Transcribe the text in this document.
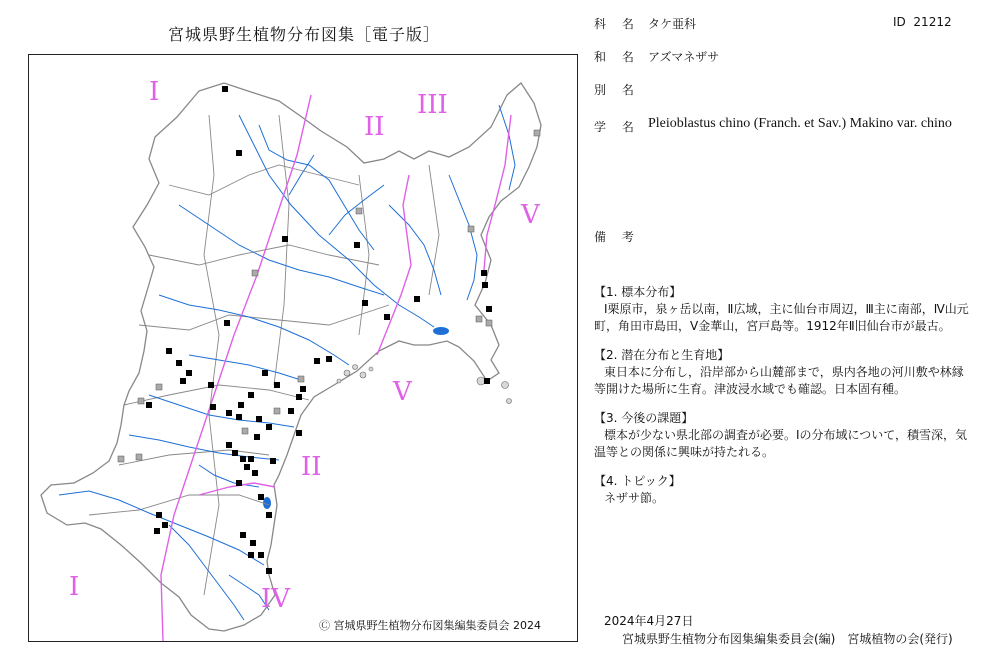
宮城県野生植物分布図集［電子版］
I
II
III
V
V
II
I	IV
Ⓒ 宮城県野生植物分布図集編集委員会 2024
科 名 タケ亜科	ID 21212
和 名 アズマネザサ
別 名
学 名 Pleioblastus chino (Franch. et Sav.) Makino var. chino
備 考
【1. 標本分布】
Ⅰ栗原市，泉ヶ岳以南，Ⅱ広域，主に仙台市周辺，Ⅲ主に南部，Ⅳ山元町，角田市島田，Ⅴ金華山，宮戸島等。1912年Ⅱ旧仙台市が最古。
【2. 潜在分布と生育地】
東日本に分布し，沿岸部から山麓部まで，県内各地の河川敷や林縁等開けた場所に生育。津波浸水域でも確認。日本固有種。
【3. 今後の課題】
標本が少ない県北部の調査が必要。Ⅰの分布域について，積雪深，気温等との関係に興味が持たれる。
【4. トピック】
ネザサ節。
2024年4月27日
宮城県野生植物分布図集編集委員会(編)　宮城植物の会(発行)
